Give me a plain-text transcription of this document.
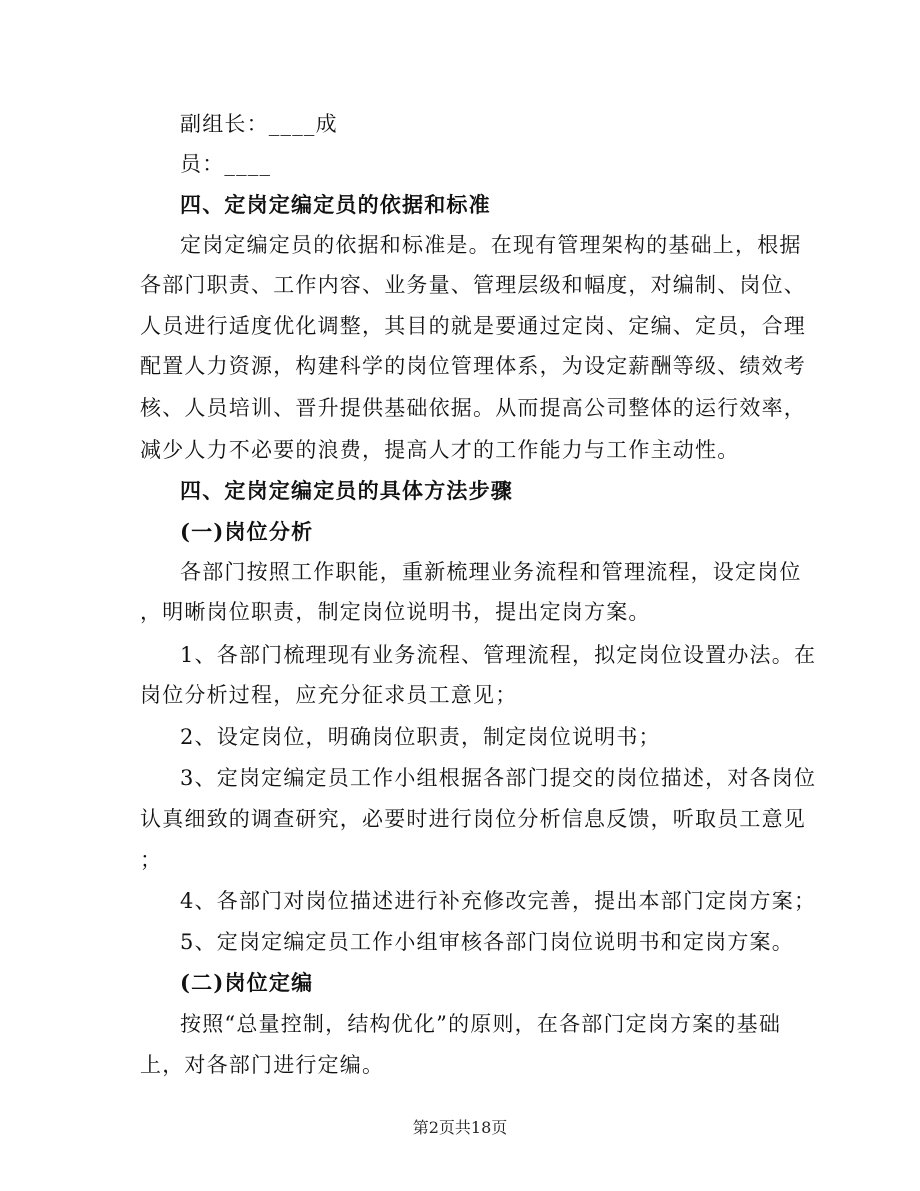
副组长：____成
员：____
四、定岗定编定员的依据和标准
定岗定编定员的依据和标准是。在现有管理架构的基础上，根据
各部门职责、工作内容、业务量、管理层级和幅度，对编制、岗位、
人员进行适度优化调整，其目的就是要通过定岗、定编、定员，合理
配置人力资源，构建科学的岗位管理体系，为设定薪酬等级、绩效考
核、人员培训、晋升提供基础依据。从而提高公司整体的运行效率，
减少人力不必要的浪费，提高人才的工作能力与工作主动性。
四、定岗定编定员的具体方法步骤
(一)岗位分析
各部门按照工作职能，重新梳理业务流程和管理流程，设定岗位
，明晰岗位职责，制定岗位说明书，提出定岗方案。
1、各部门梳理现有业务流程、管理流程，拟定岗位设置办法。在
岗位分析过程，应充分征求员工意见；
2、设定岗位，明确岗位职责，制定岗位说明书；
3、定岗定编定员工作小组根据各部门提交的岗位描述，对各岗位
认真细致的调查研究，必要时进行岗位分析信息反馈，听取员工意见
；
4、各部门对岗位描述进行补充修改完善，提出本部门定岗方案；
5、定岗定编定员工作小组审核各部门岗位说明书和定岗方案。
(二)岗位定编
按照“总量控制，结构优化”的原则，在各部门定岗方案的基础
上，对各部门进行定编。
第2页共18页
